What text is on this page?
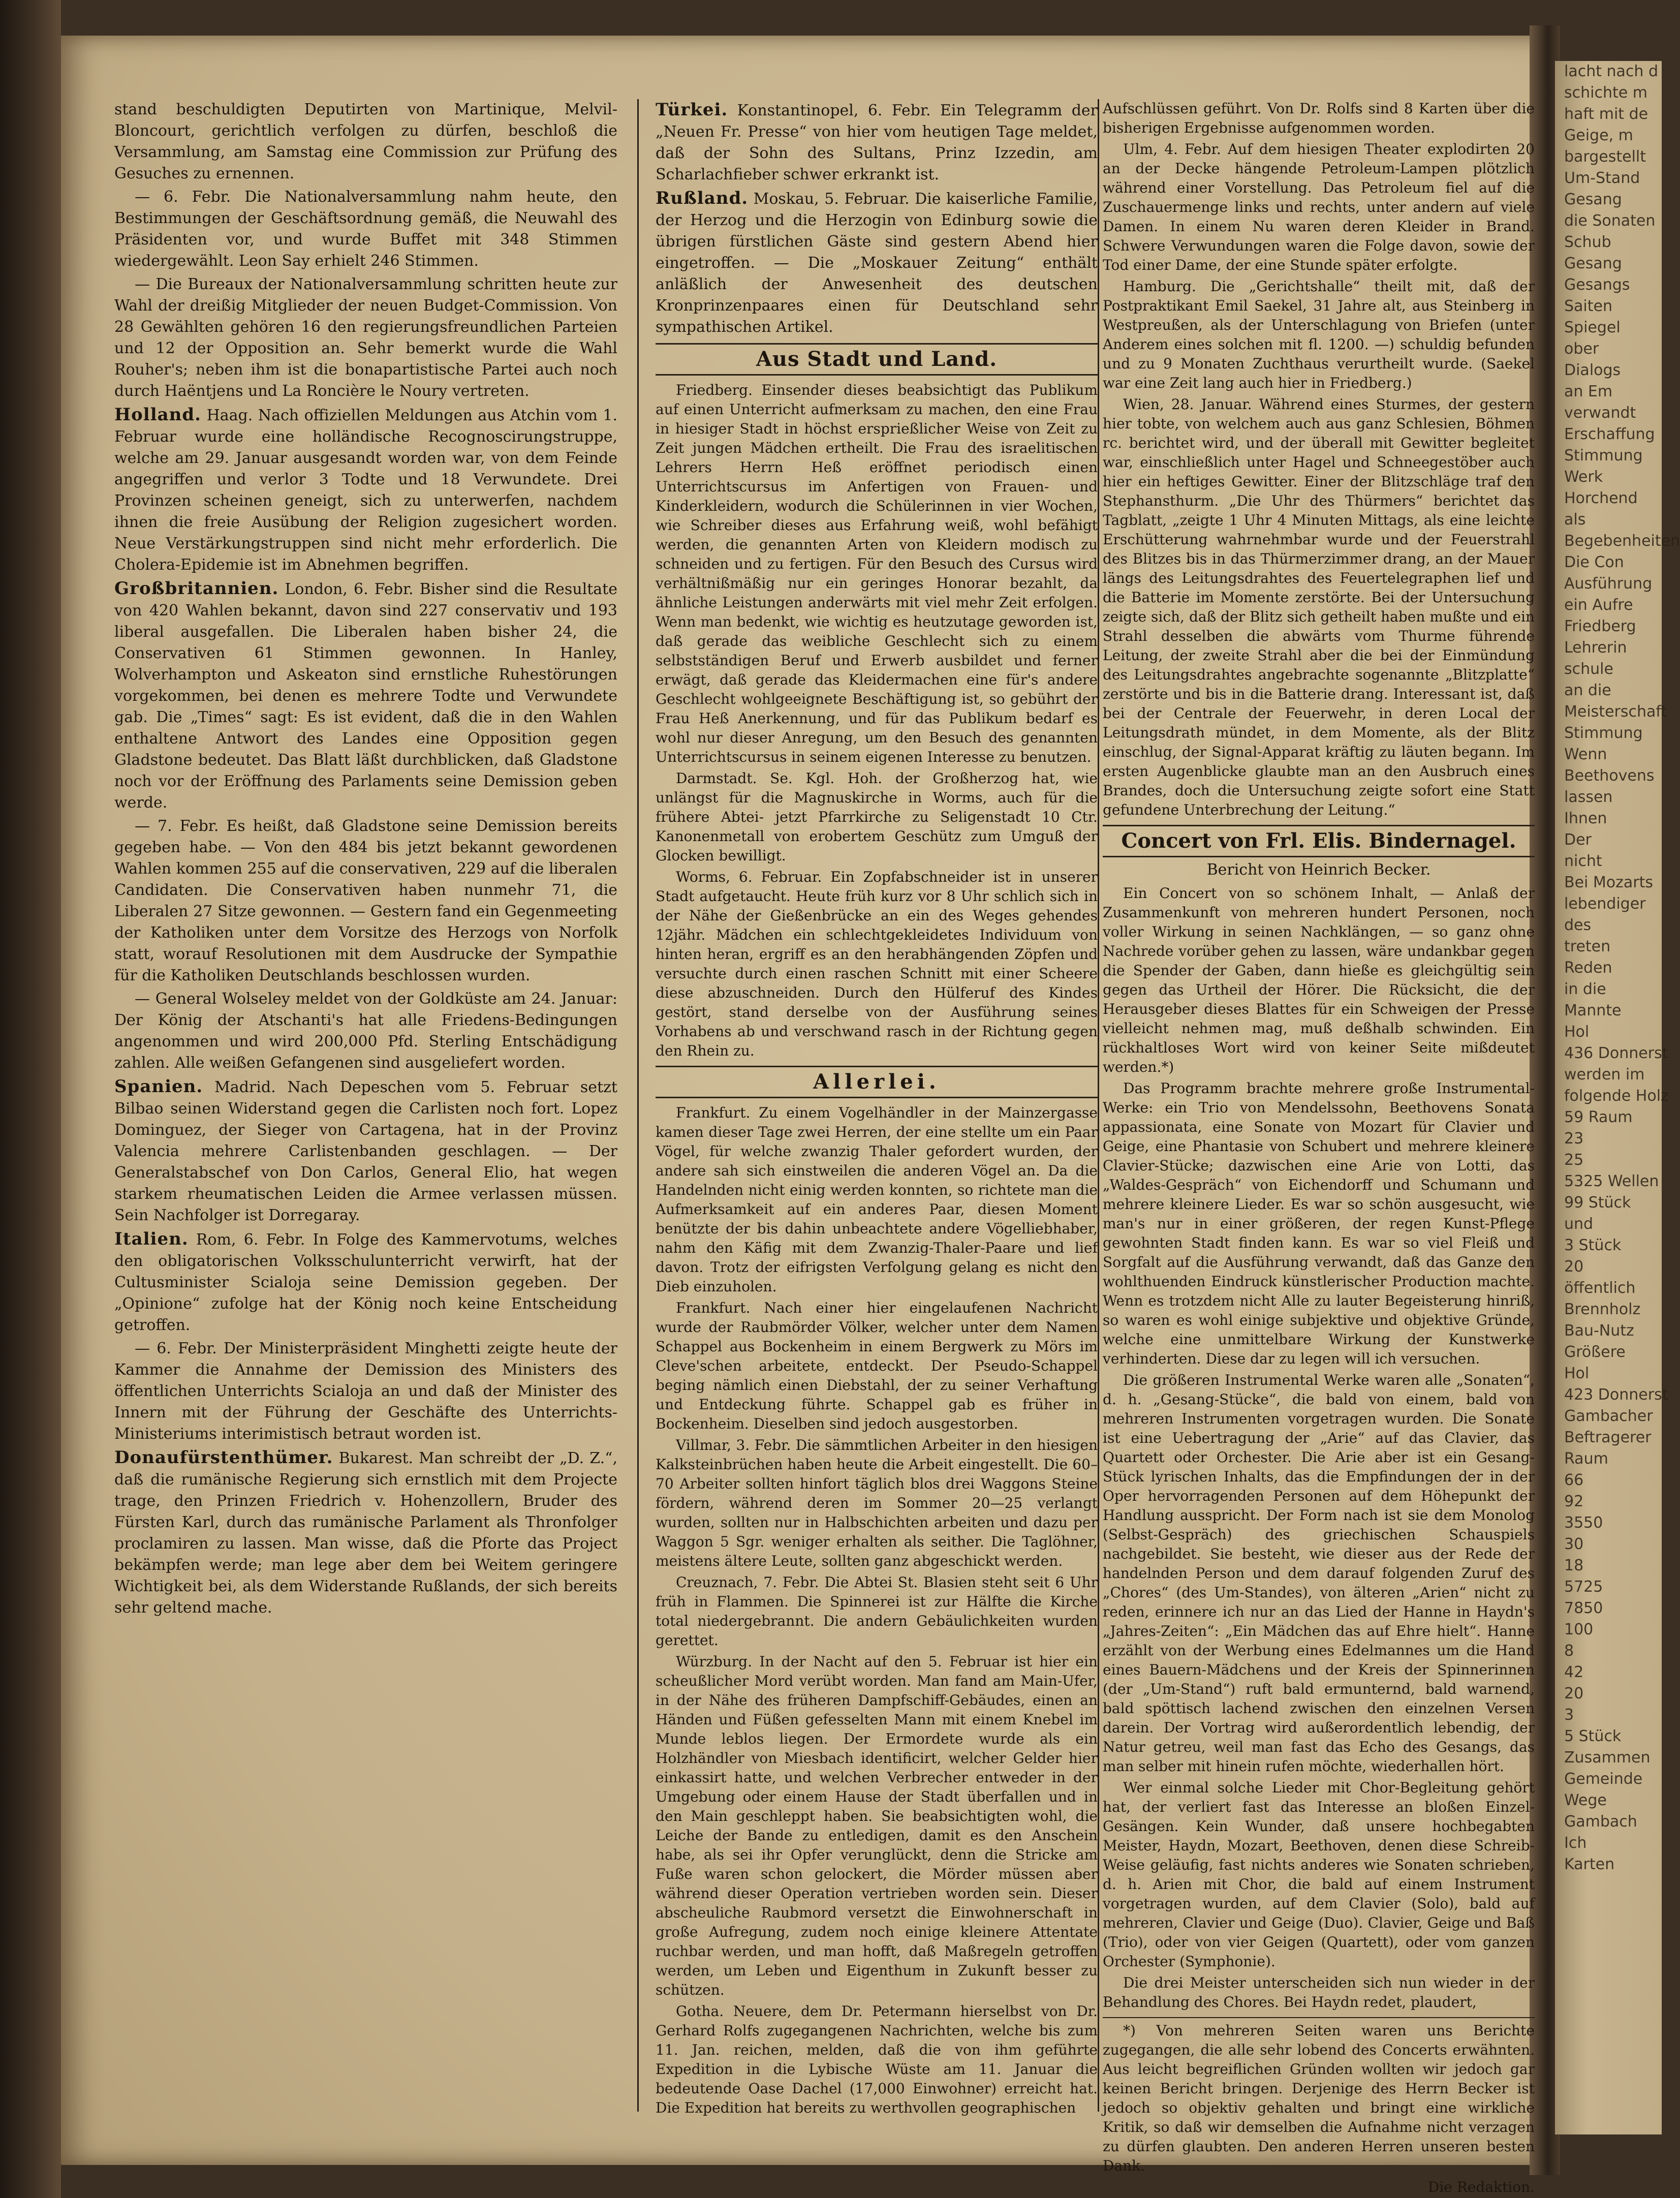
lacht nach d
schichte m
haft mit de
Geige, m
bargestellt
Um-Stand
Gesang
die Sonaten
Schub
Gesang
Gesangs
Saiten
Spiegel
ober
Dialogs
an Em
verwandt
Erschaffung
Stimmung
Werk
Horchend
als
Begebenheiten
Die Con
Ausführung
ein Aufre
Friedberg
Lehrerin
schule
an die
Meisterschaft
Stimmung
Wenn
Beethovens
lassen
Ihnen
Der
nicht
Bei Mozarts
lebendiger
des
treten
Reden
in die
Mannte
Hol
436 Donnerst
werden im
folgende Holz
59 Raum
23
25
5325 Wellen
99 Stück
und
3 Stück
20
öffentlich
Brennholz
Bau-Nutz
Größere
Hol
423 Donnerst
Gambacher
Beftragerer
Raum
66
92
3550
30
18
5725
7850
100
8
42
20
3
5 Stück
Zusammen
Gemeinde
Wege
Gambach
Ich
Karten

stand beschuldigten Deputirten von Martinique, Melvil-Bloncourt, gerichtlich verfolgen zu dürfen, beschloß die Versammlung, am Samstag eine Commission zur Prüfung des Gesuches zu ernennen.

— 6. Febr. Die Nationalversammlung nahm heute, den Bestimmungen der Geschäftsordnung gemäß, die Neuwahl des Präsidenten vor, und wurde Buffet mit 348 Stimmen wiedergewählt. Leon Say erhielt 246 Stimmen.

— Die Bureaux der Nationalversammlung schritten heute zur Wahl der dreißig Mitglieder der neuen Budget-Commission. Von 28 Gewählten gehören 16 den regierungsfreundlichen Parteien und 12 der Opposition an. Sehr bemerkt wurde die Wahl Rouher's; neben ihm ist die bonapartistische Partei auch noch durch Haëntjens und La Roncière le Noury vertreten.

Holland. Haag. Nach offiziellen Meldungen aus Atchin vom 1. Februar wurde eine holländische Recognoscirungstruppe, welche am 29. Januar ausgesandt worden war, von dem Feinde angegriffen und verlor 3 Todte und 18 Verwundete. Drei Provinzen scheinen geneigt, sich zu unterwerfen, nachdem ihnen die freie Ausübung der Religion zugesichert worden. Neue Verstärkungstruppen sind nicht mehr erforderlich. Die Cholera-Epidemie ist im Abnehmen begriffen.

Großbritannien. London, 6. Febr. Bisher sind die Resultate von 420 Wahlen bekannt, davon sind 227 conservativ und 193 liberal ausgefallen. Die Liberalen haben bisher 24, die Conservativen 61 Stimmen gewonnen. In Hanley, Wolverhampton und Askeaton sind ernstliche Ruhestörungen vorgekommen, bei denen es mehrere Todte und Verwundete gab. Die „Times“ sagt: Es ist evident, daß die in den Wahlen enthaltene Antwort des Landes eine Opposition gegen Gladstone bedeutet. Das Blatt läßt durchblicken, daß Gladstone noch vor der Eröffnung des Parlaments seine Demission geben werde.

— 7. Febr. Es heißt, daß Gladstone seine Demission bereits gegeben habe. — Von den 484 bis jetzt bekannt gewordenen Wahlen kommen 255 auf die conservativen, 229 auf die liberalen Candidaten. Die Conservativen haben nunmehr 71, die Liberalen 27 Sitze gewonnen. — Gestern fand ein Gegenmeeting der Katholiken unter dem Vorsitze des Herzogs von Norfolk statt, worauf Resolutionen mit dem Ausdrucke der Sympathie für die Katholiken Deutschlands beschlossen wurden.

— General Wolseley meldet von der Goldküste am 24. Januar: Der König der Atschanti's hat alle Friedens-Bedingungen angenommen und wird 200,000 Pfd. Sterling Entschädigung zahlen. Alle weißen Gefangenen sind ausgeliefert worden.

Spanien. Madrid. Nach Depeschen vom 5. Februar setzt Bilbao seinen Widerstand gegen die Carlisten noch fort. Lopez Dominguez, der Sieger von Cartagena, hat in der Provinz Valencia mehrere Carlistenbanden geschlagen. — Der Generalstabschef von Don Carlos, General Elio, hat wegen starkem rheumatischen Leiden die Armee verlassen müssen. Sein Nachfolger ist Dorregaray.

Italien. Rom, 6. Febr. In Folge des Kammervotums, welches den obligatorischen Volksschulunterricht verwirft, hat der Cultusminister Scialoja seine Demission gegeben. Der „Opinione“ zufolge hat der König noch keine Entscheidung getroffen.

— 6. Febr. Der Ministerpräsident Minghetti zeigte heute der Kammer die Annahme der Demission des Ministers des öffentlichen Unterrichts Scialoja an und daß der Minister des Innern mit der Führung der Geschäfte des Unterrichts-Ministeriums interimistisch betraut worden ist.

Donaufürstenthümer. Bukarest. Man schreibt der „D. Z.“, daß die rumänische Regierung sich ernstlich mit dem Projecte trage, den Prinzen Friedrich v. Hohenzollern, Bruder des Fürsten Karl, durch das rumänische Parlament als Thronfolger proclamiren zu lassen. Man wisse, daß die Pforte das Project bekämpfen werde; man lege aber dem bei Weitem geringere Wichtigkeit bei, als dem Widerstande Rußlands, der sich bereits sehr geltend mache.

Türkei. Konstantinopel, 6. Febr. Ein Telegramm der „Neuen Fr. Presse“ von hier vom heutigen Tage meldet, daß der Sohn des Sultans, Prinz Izzedin, am Scharlachfieber schwer erkrankt ist.

Rußland. Moskau, 5. Februar. Die kaiserliche Familie, der Herzog und die Herzogin von Edinburg sowie die übrigen fürstlichen Gäste sind gestern Abend hier eingetroffen. — Die „Moskauer Zeitung“ enthält anläßlich der Anwesenheit des deutschen Kronprinzenpaares einen für Deutschland sehr sympathischen Artikel.

Aus Stadt und Land.

Friedberg. Einsender dieses beabsichtigt das Publikum auf einen Unterricht aufmerksam zu machen, den eine Frau in hiesiger Stadt in höchst ersprießlicher Weise von Zeit zu Zeit jungen Mädchen ertheilt. Die Frau des israelitischen Lehrers Herrn Heß eröffnet periodisch einen Unterrichtscursus im Anfertigen von Frauen- und Kinderkleidern, wodurch die Schülerinnen in vier Wochen, wie Schreiber dieses aus Erfahrung weiß, wohl befähigt werden, die genannten Arten von Kleidern modisch zu schneiden und zu fertigen. Für den Besuch des Cursus wird verhältnißmäßig nur ein geringes Honorar bezahlt, da ähnliche Leistungen anderwärts mit viel mehr Zeit erfolgen. Wenn man bedenkt, wie wichtig es heutzutage geworden ist, daß gerade das weibliche Geschlecht sich zu einem selbstständigen Beruf und Erwerb ausbildet und ferner erwägt, daß gerade das Kleidermachen eine für's andere Geschlecht wohlgeeignete Beschäftigung ist, so gebührt der Frau Heß Anerkennung, und für das Publikum bedarf es wohl nur dieser Anregung, um den Besuch des genannten Unterrichtscursus in seinem eigenen Interesse zu benutzen.

Darmstadt. Se. Kgl. Hoh. der Großherzog hat, wie unlängst für die Magnuskirche in Worms, auch für die frühere Abtei- jetzt Pfarrkirche zu Seligenstadt 10 Ctr. Kanonenmetall von erobertem Geschütz zum Umguß der Glocken bewilligt.

Worms, 6. Februar. Ein Zopfabschneider ist in unserer Stadt aufgetaucht. Heute früh kurz vor 8 Uhr schlich sich in der Nähe der Gießenbrücke an ein des Weges gehendes 12jähr. Mädchen ein schlechtgekleidetes Individuum von hinten heran, ergriff es an den herabhängenden Zöpfen und versuchte durch einen raschen Schnitt mit einer Scheere diese abzuschneiden. Durch den Hülferuf des Kindes gestört, stand derselbe von der Ausführung seines Vorhabens ab und verschwand rasch in der Richtung gegen den Rhein zu.

Allerlei.

Frankfurt. Zu einem Vogelhändler in der Mainzergasse kamen dieser Tage zwei Herren, der eine stellte um ein Paar Vögel, für welche zwanzig Thaler gefordert wurden, der andere sah sich einstweilen die anderen Vögel an. Da die Handelnden nicht einig werden konnten, so richtete man die Aufmerksamkeit auf ein anderes Paar, diesen Moment benützte der bis dahin unbeachtete andere Vögelliebhaber, nahm den Käfig mit dem Zwanzig-Thaler-Paare und lief davon. Trotz der eifrigsten Verfolgung gelang es nicht den Dieb einzuholen.

Frankfurt. Nach einer hier eingelaufenen Nachricht wurde der Raubmörder Völker, welcher unter dem Namen Schappel aus Bockenheim in einem Bergwerk zu Mörs im Cleve'schen arbeitete, entdeckt. Der Pseudo-Schappel beging nämlich einen Diebstahl, der zu seiner Verhaftung und Entdeckung führte. Schappel gab es früher in Bockenheim. Dieselben sind jedoch ausgestorben.

Villmar, 3. Febr. Die sämmtlichen Arbeiter in den hiesigen Kalksteinbrüchen haben heute die Arbeit eingestellt. Die 60–70 Arbeiter sollten hinfort täglich blos drei Waggons Steine fördern, während deren im Sommer 20—25 verlangt wurden, sollten nur in Halbschichten arbeiten und dazu per Waggon 5 Sgr. weniger erhalten als seither. Die Taglöhner, meistens ältere Leute, sollten ganz abgeschickt werden.

Creuznach, 7. Febr. Die Abtei St. Blasien steht seit 6 Uhr früh in Flammen. Die Spinnerei ist zur Hälfte die Kirche total niedergebrannt. Die andern Gebäulichkeiten wurden gerettet.

Würzburg. In der Nacht auf den 5. Februar ist hier ein scheußlicher Mord verübt worden. Man fand am Main-Ufer, in der Nähe des früheren Dampfschiff-Gebäudes, einen an Händen und Füßen gefesselten Mann mit einem Knebel im Munde leblos liegen. Der Ermordete wurde als ein Holzhändler von Miesbach identificirt, welcher Gelder hier einkassirt hatte, und welchen Verbrecher entweder in der Umgebung oder einem Hause der Stadt überfallen und in den Main geschleppt haben. Sie beabsichtigten wohl, die Leiche der Bande zu entledigen, damit es den Anschein habe, als sei ihr Opfer verunglückt, denn die Stricke am Fuße waren schon gelockert, die Mörder müssen aber während dieser Operation vertrieben worden sein. Dieser abscheuliche Raubmord versetzt die Einwohnerschaft in große Aufregung, zudem noch einige kleinere Attentate ruchbar werden, und man hofft, daß Maßregeln getroffen werden, um Leben und Eigenthum in Zukunft besser zu schützen.

Gotha. Neuere, dem Dr. Petermann hierselbst von Dr. Gerhard Rolfs zugegangenen Nachrichten, welche bis zum 11. Jan. reichen, melden, daß die von ihm geführte Expedition in die Lybische Wüste am 11. Januar die bedeutende Oase Dachel (17,000 Einwohner) erreicht hat. Die Expedition hat bereits zu werthvollen geographischen

Aufschlüssen geführt. Von Dr. Rolfs sind 8 Karten über die bisherigen Ergebnisse aufgenommen worden.

Ulm, 4. Febr. Auf dem hiesigen Theater explodirten 20 an der Decke hängende Petroleum-Lampen plötzlich während einer Vorstellung. Das Petroleum fiel auf die Zuschauermenge links und rechts, unter andern auf viele Damen. In einem Nu waren deren Kleider in Brand. Schwere Verwundungen waren die Folge davon, sowie der Tod einer Dame, der eine Stunde später erfolgte.

Hamburg. Die „Gerichtshalle“ theilt mit, daß der Postpraktikant Emil Saekel, 31 Jahre alt, aus Steinberg in Westpreußen, als der Unterschlagung von Briefen (unter Anderem eines solchen mit fl. 1200. —) schuldig befunden und zu 9 Monaten Zuchthaus verurtheilt wurde. (Saekel war eine Zeit lang auch hier in Friedberg.)

Wien, 28. Januar. Während eines Sturmes, der gestern hier tobte, von welchem auch aus ganz Schlesien, Böhmen rc. berichtet wird, und der überall mit Gewitter begleitet war, einschließlich unter Hagel und Schneegestöber auch hier ein heftiges Gewitter. Einer der Blitzschläge traf den Stephansthurm. „Die Uhr des Thürmers“ berichtet das Tagblatt, „zeigte 1 Uhr 4 Minuten Mittags, als eine leichte Erschütterung wahrnehmbar wurde und der Feuerstrahl des Blitzes bis in das Thürmerzimmer drang, an der Mauer längs des Leitungsdrahtes des Feuertelegraphen lief und die Batterie im Momente zerstörte. Bei der Untersuchung zeigte sich, daß der Blitz sich getheilt haben mußte und ein Strahl desselben die abwärts vom Thurme führende Leitung, der zweite Strahl aber die bei der Einmündung des Leitungsdrahtes angebrachte sogenannte „Blitzplatte“ zerstörte und bis in die Batterie drang. Interessant ist, daß bei der Centrale der Feuerwehr, in deren Local der Leitungsdrath mündet, in dem Momente, als der Blitz einschlug, der Signal-Apparat kräftig zu läuten begann. Im ersten Augenblicke glaubte man an den Ausbruch eines Brandes, doch die Untersuchung zeigte sofort eine Statt gefundene Unterbrechung der Leitung.“

Concert von Frl. Elis. Bindernagel.
Bericht von Heinrich Becker.

Ein Concert von so schönem Inhalt, — Anlaß der Zusammenkunft von mehreren hundert Personen, noch voller Wirkung in seinen Nachklängen, — so ganz ohne Nachrede vorüber gehen zu lassen, wäre undankbar gegen die Spender der Gaben, dann hieße es gleichgültig sein gegen das Urtheil der Hörer. Die Rücksicht, die der Herausgeber dieses Blattes für ein Schweigen der Presse vielleicht nehmen mag, muß deßhalb schwinden. Ein rückhaltloses Wort wird von keiner Seite mißdeutet werden.*)

Das Programm brachte mehrere große Instrumental-Werke: ein Trio von Mendelssohn, Beethovens Sonata appassionata, eine Sonate von Mozart für Clavier und Geige, eine Phantasie von Schubert und mehrere kleinere Clavier-Stücke; dazwischen eine Arie von Lotti, das „Waldes-Gespräch“ von Eichendorff und Schumann und mehrere kleinere Lieder. Es war so schön ausgesucht, wie man's nur in einer größeren, der regen Kunst-Pflege gewohnten Stadt finden kann. Es war so viel Fleiß und Sorgfalt auf die Ausführung verwandt, daß das Ganze den wohlthuenden Eindruck künstlerischer Production machte. Wenn es trotzdem nicht Alle zu lauter Begeisterung hinriß, so waren es wohl einige subjektive und objektive Gründe, welche eine unmittelbare Wirkung der Kunstwerke verhinderten. Diese dar zu legen will ich versuchen.

Die größeren Instrumental Werke waren alle „Sonaten“, d. h. „Gesang-Stücke“, die bald von einem, bald von mehreren Instrumenten vorgetragen wurden. Die Sonate ist eine Uebertragung der „Arie“ auf das Clavier, das Quartett oder Orchester. Die Arie aber ist ein Gesang-Stück lyrischen Inhalts, das die Empfindungen der in der Oper hervorragenden Personen auf dem Höhepunkt der Handlung ausspricht. Der Form nach ist sie dem Monolog (Selbst-Gespräch) des griechischen Schauspiels nachgebildet. Sie besteht, wie dieser aus der Rede der handelnden Person und dem darauf folgenden Zuruf des „Chores“ (des Um-Standes), von älteren „Arien“ nicht zu reden, erinnere ich nur an das Lied der Hanne in Haydn's „Jahres-Zeiten“: „Ein Mädchen das auf Ehre hielt“. Hanne erzählt von der Werbung eines Edelmannes um die Hand eines Bauern-Mädchens und der Kreis der Spinnerinnen (der „Um-Stand“) ruft bald ermunternd, bald warnend, bald spöttisch lachend zwischen den einzelnen Versen darein. Der Vortrag wird außerordentlich lebendig, der Natur getreu, weil man fast das Echo des Gesangs, das man selber mit hinein rufen möchte, wiederhallen hört.

Wer einmal solche Lieder mit Chor-Begleitung gehört hat, der verliert fast das Interesse an bloßen Einzel-Gesängen. Kein Wunder, daß unsere hochbegabten Meister, Haydn, Mozart, Beethoven, denen diese Schreib-Weise geläufig, fast nichts anderes wie Sonaten schrieben, d. h. Arien mit Chor, die bald auf einem Instrument vorgetragen wurden, auf dem Clavier (Solo), bald auf mehreren, Clavier und Geige (Duo). Clavier, Geige und Baß (Trio), oder von vier Geigen (Quartett), oder vom ganzen Orchester (Symphonie).

Die drei Meister unterscheiden sich nun wieder in der Behandlung des Chores. Bei Haydn redet, plaudert,

*) Von mehreren Seiten waren uns Berichte zugegangen, die alle sehr lobend des Concerts erwähnten. Aus leicht begreiflichen Gründen wollten wir jedoch gar keinen Bericht bringen. Derjenige des Herrn Becker ist jedoch so objektiv gehalten und bringt eine wirkliche Kritik, so daß wir demselben die Aufnahme nicht verzagen zu dürfen glaubten. Den anderen Herren unseren besten Dank.

Die Redaktion.
